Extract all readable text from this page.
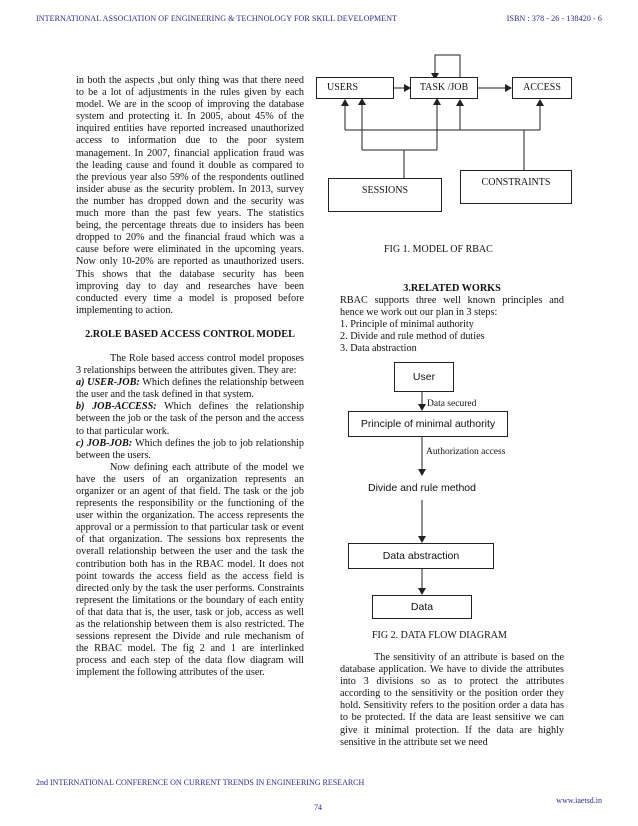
INTERNATIONAL ASSOCIATION OF ENGINEERING & TECHNOLOGY FOR SKILL DEVELOPMENT	ISBN : 378 - 26 - 138420 - 6

in both the aspects ,but only thing was that there need to be a lot of adjustments in the rules given by each model. We are in the scoop of improving the database system and protecting it. In 2005, about 45% of the inquired entities have reported increased unauthorized access to information due to the poor system management. In 2007, financial application fraud was the leading cause and found it double as compared to the previous year also 59% of the respondents outlined insider abuse as the security problem. In 2013, survey the number has dropped down and the security was much more than the past few years. The statistics being, the percentage threats due to insiders has been dropped to 20% and the financial fraud which was a cause before were eliminated in the upcoming years. Now only 10-20% are reported as unauthorized users. This shows that the database security has been improving day to day and researches have been conducted every time a model is proposed before implementing to action.

2.ROLE BASED ACCESS CONTROL MODEL

The Role based access control model proposes 3 relationships between the attributes given. They are:

a) USER-JOB: Which defines the relationship between the user and the task defined in that system.

b) JOB-ACCESS: Which defines the relationship between the job or the task of the person and the access to that particular work.

c) JOB-JOB: Which defines the job to job relationship between the users.

Now defining each attribute of the model we have the users of an organization represents an organizer or an agent of that field. The task or the job represents the responsibility or the functioning of the user within the organization. The access represents the approval or a permission to that particular task or event of that organization. The sessions box represents the overall relationship between the user and the task the contribution both has in the RBAC model. It does not point towards the access field as the access field is directed only by the task the user performs. Constraints represent the limitations or the boundary of each entity of that data that is, the user, task or job, access as well as the relationship between them is also restricted. The sessions represent the Divide and rule mechanism of the RBAC model. The fig 2 and 1 are interlinked process and each step of the data flow diagram will implement the following attributes of the user.

USERS	TASK /JOB	ACCESS
SESSIONS
CONSTRAINTS
FIG 1. MODEL OF RBAC

3.RELATED WORKS

RBAC supports three well known principles and hence we work out our plan in 3 steps:

1. Principle of minimal authority

2. Divide and rule method of duties

3. Data abstraction

User
Data secured
Principle of minimal authority
Authorization access
Divide and rule method
Data abstraction
Data
FIG 2. DATA FLOW DIAGRAM

The sensitivity of an attribute is based on the database application. We have to divide the attributes into 3 divisions so as to protect the attributes according to the sensitivity or the position order they hold. Sensitivity refers to the position order a data has to be protected. If the data are least sensitive we can give it minimal protection. If the data are highly sensitive in the attribute set we need

2nd INTERNATIONAL CONFERENCE ON CURRENT TRENDS IN ENGINEERING RESEARCH
www.iaetsd.in
74
